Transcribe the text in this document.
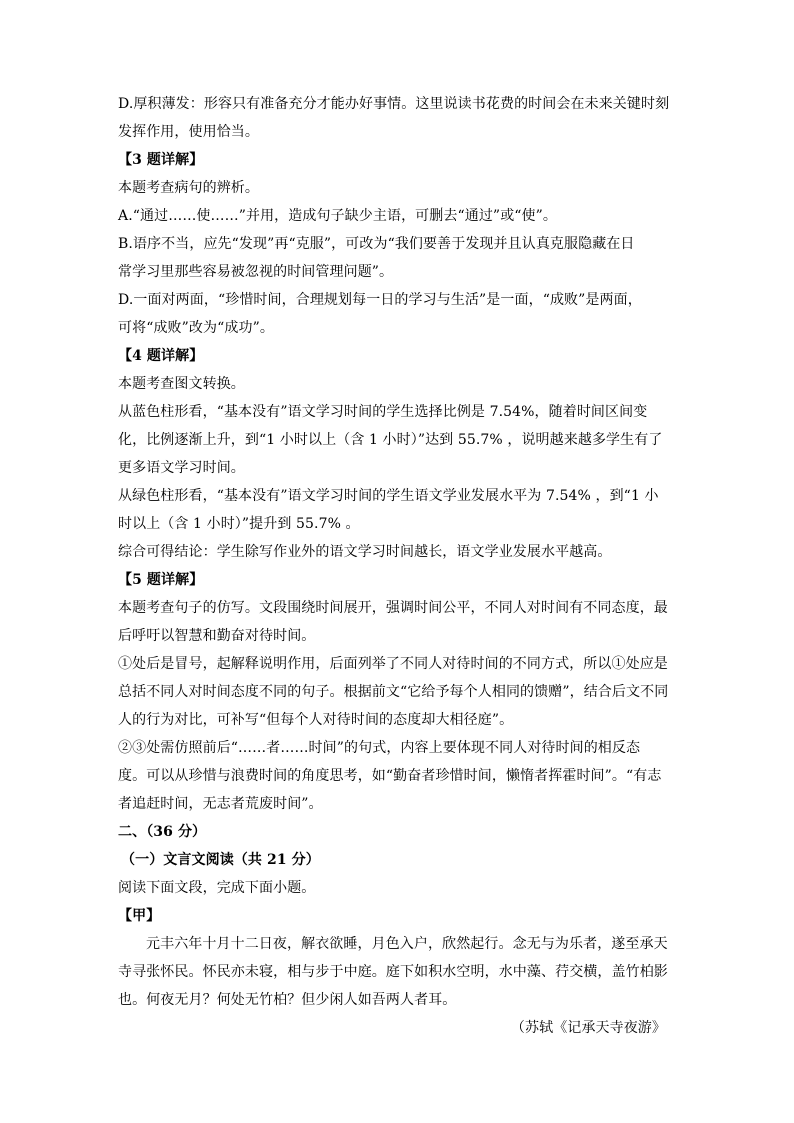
D.厚积薄发：形容只有准备充分才能办好事情。这里说读书花费的时间会在未来关键时刻
发挥作用，使用恰当。
【3 题详解】
本题考查病句的辨析。
A.“通过……使……”并用，造成句子缺少主语，可删去“通过”或“使”。
B.语序不当，应先“发现”再“克服”，可改为“我们要善于发现并且认真克服隐藏在日
常学习里那些容易被忽视的时间管理问题”。
D.一面对两面，“珍惜时间，合理规划每一日的学习与生活”是一面，“成败”是两面，
可将“成败”改为“成功”。
【4 题详解】
本题考查图文转换。
从蓝色柱形看，“基本没有”语文学习时间的学生选择比例是 7.54%，随着时间区间变
化，比例逐渐上升，到“1 小时以上（含 1 小时）”达到 55.7% ，说明越来越多学生有了
更多语文学习时间。
从绿色柱形看，“基本没有”语文学习时间的学生语文学业发展水平为 7.54% ，到“1 小
时以上（含 1 小时）”提升到 55.7% 。
综合可得结论：学生除写作业外的语文学习时间越长，语文学业发展水平越高。
【5 题详解】
本题考查句子的仿写。文段围绕时间展开，强调时间公平，不同人对时间有不同态度，最
后呼吁以智慧和勤奋对待时间。
①处后是冒号，起解释说明作用，后面列举了不同人对待时间的不同方式，所以①处应是
总括不同人对时间态度不同的句子。根据前文“它给予每个人相同的馈赠”，结合后文不同
人的行为对比，可补写“但每个人对待时间的态度却大相径庭”。
②③处需仿照前后“……者……时间”的句式，内容上要体现不同人对待时间的相反态
度。可以从珍惜与浪费时间的角度思考，如“勤奋者珍惜时间，懒惰者挥霍时间”。“有志
者追赶时间，无志者荒废时间”。
二、（36 分）
（一）文言文阅读（共 21 分）
阅读下面文段，完成下面小题。
【甲】
元丰六年十月十二日夜，解衣欲睡，月色入户，欣然起行。念无与为乐者，遂至承天
寺寻张怀民。怀民亦未寝，相与步于中庭。庭下如积水空明，水中藻、荇交横，盖竹柏影
也。何夜无月？何处无竹柏？但少闲人如吾两人者耳。
（苏轼《记承天寺夜游》
